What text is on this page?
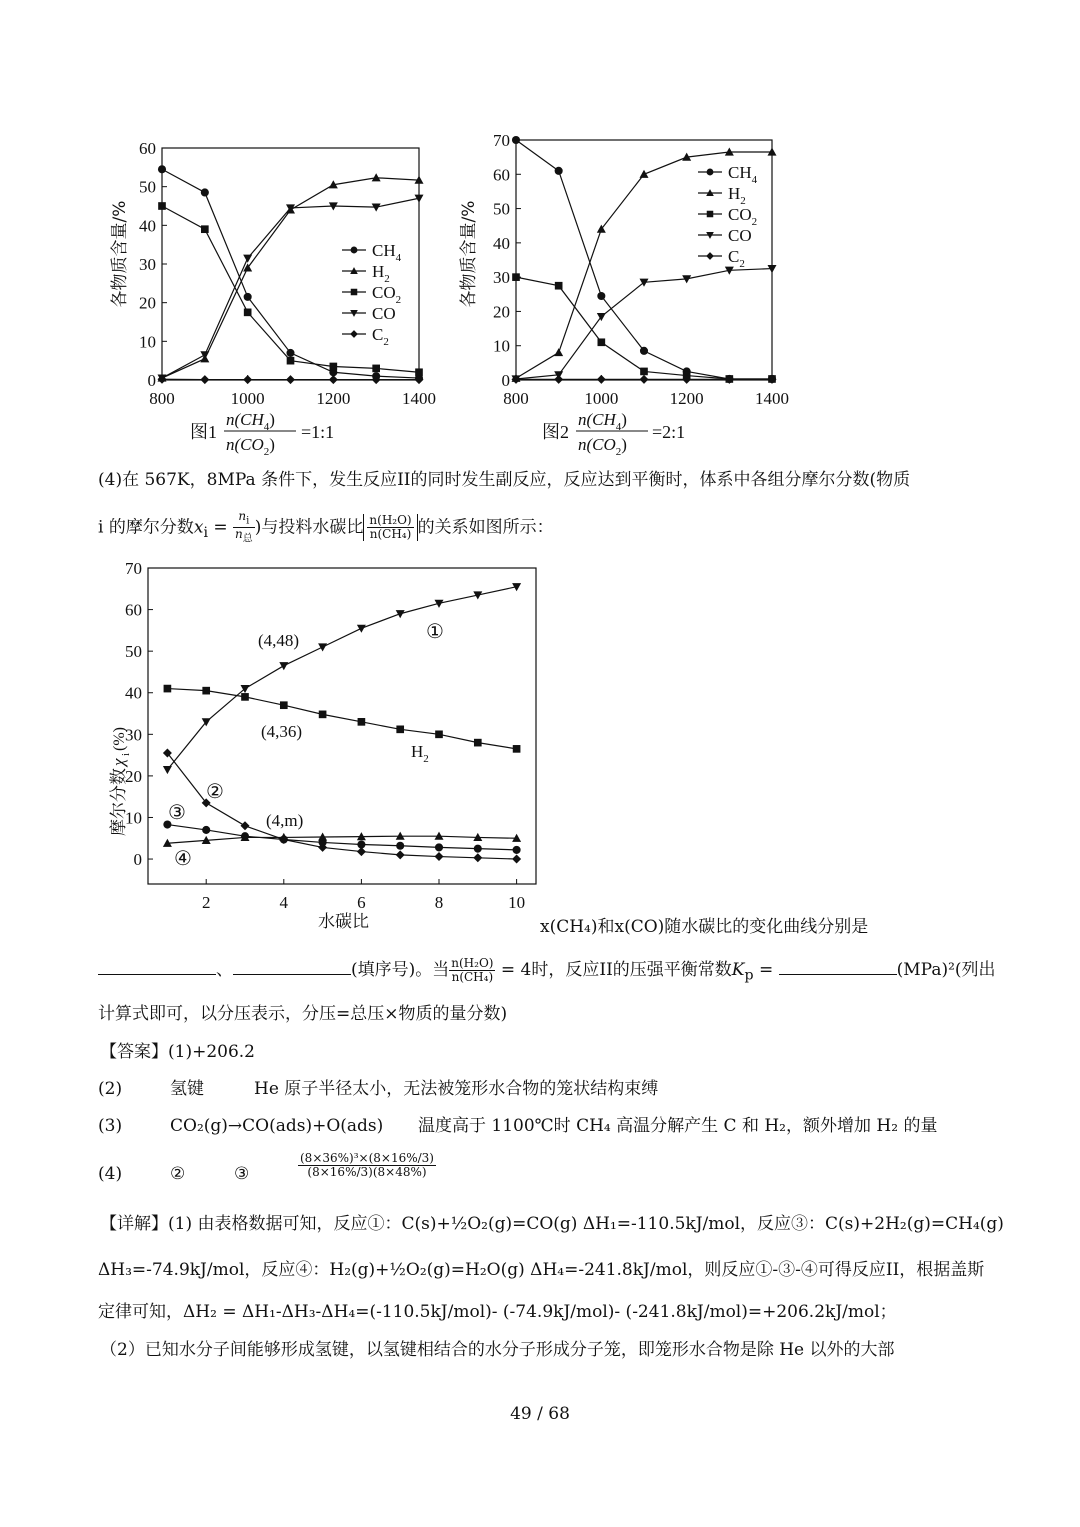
各物质含量/%
800	1000	1200	1400
0
10
20
30
40
50
60
$CH_4$
$H_2$
$CO_2$
CO
$C_2$
图1
$n(CH_4)$
$n(CO_2)$
=1:1
各物质含量/%
800	1000	1200	1400
0
10
20
30
40
50
60
70
$CH_4$
$H_2$
$CO_2$
CO
$C_2$
图2
$n(CH_4)$
$n(CO_2)$
=2:1
(4)在 567K，8MPa 条件下，发生反应II的同时发生副反应，反应达到平衡时，体系中各组分摩尔分数(物质
i 的摩尔分数$x_i = \frac{n_i}{n_总}$ )与投料水碳比 $\frac{\text{n(H₂O)}}{\text{n(CH₄)}}$ 的关系如图所示：
摩尔分数
χ
i
(%)
2	4	6	8	10
0
10
20
30
40
50
60
70
水碳比
(4,48)
(4,36)
(4,m)
①
②
③
④
$H_2$
x(CH₄)和x(CO)随水碳比的变化曲线分别是
、	(填序号)。当 $\frac{\text{n(H₂O)}}{\text{n(CH₄)}} = 4$时，反应II的压强平衡常数$K_p$ =	(MPa)²(列出
计算式即可，以分压表示，分压=总压×物质的量分数)
【答案】(1)+206.2
(2)	氢键	He 原子半径太小，无法被笼形水合物的笼状结构束缚
(3)	CO₂(g)→CO(ads)+O(ads) 温度高于 1100℃时 CH₄ 高温分解产生 C 和 H₂，额外增加 H₂ 的量
(4)	②	③	$\frac{\text{(8×36\%)³×(8×16\%/3)}}{(8\times 16\%/3)(8\times 48\%)}$
【详解】(1) 由表格数据可知，反应①：C(s)+½O₂(g)=CO(g) ΔH₁=-110.5kJ/mol，反应③：C(s)+2H₂(g)=CH₄(g)
ΔH₃=-74.9kJ/mol，反应④：H₂(g)+½O₂(g)=H₂O(g) ΔH₄=-241.8kJ/mol，则反应①-③-④可得反应II，根据盖斯
定律可知，ΔH₂ = ΔH₁-ΔH₃-ΔH₄=(-110.5kJ/mol)- (-74.9kJ/mol)- (-241.8kJ/mol)=+206.2kJ/mol；
（2）已知水分子间能够形成氢键，以氢键相结合的水分子形成分子笼，即笼形水合物是除 He 以外的大部
49 / 68
